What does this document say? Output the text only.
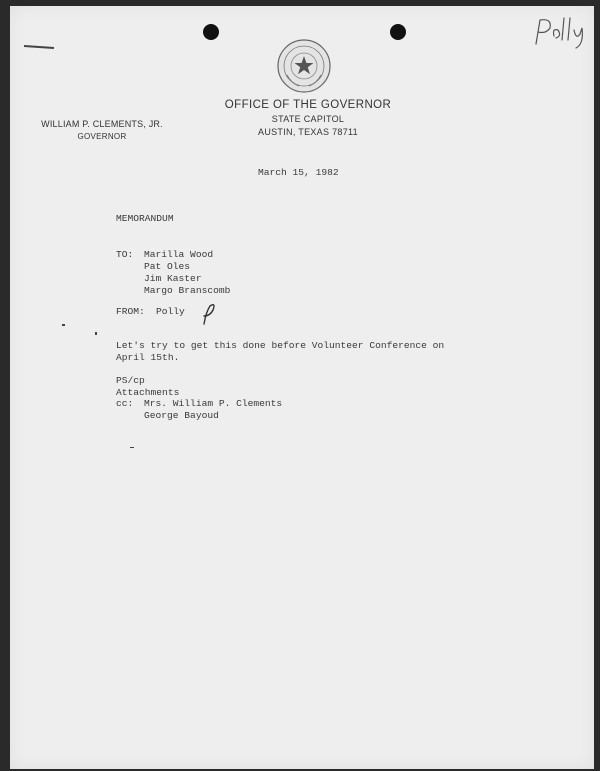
OFFICE OF THE GOVERNOR
STATE CAPITOL
AUSTIN, TEXAS 78711
WILLIAM P. CLEMENTS, JR.
GOVERNOR
March 15, 1982
MEMORANDUM
TO: Marilla Wood
Pat Oles
Jim Kaster
Margo Branscomb
FROM: Polly
Let's try to get this done before Volunteer Conference on
April 15th.
PS/cp
Attachments
cc: Mrs. William P. Clements
George Bayoud
